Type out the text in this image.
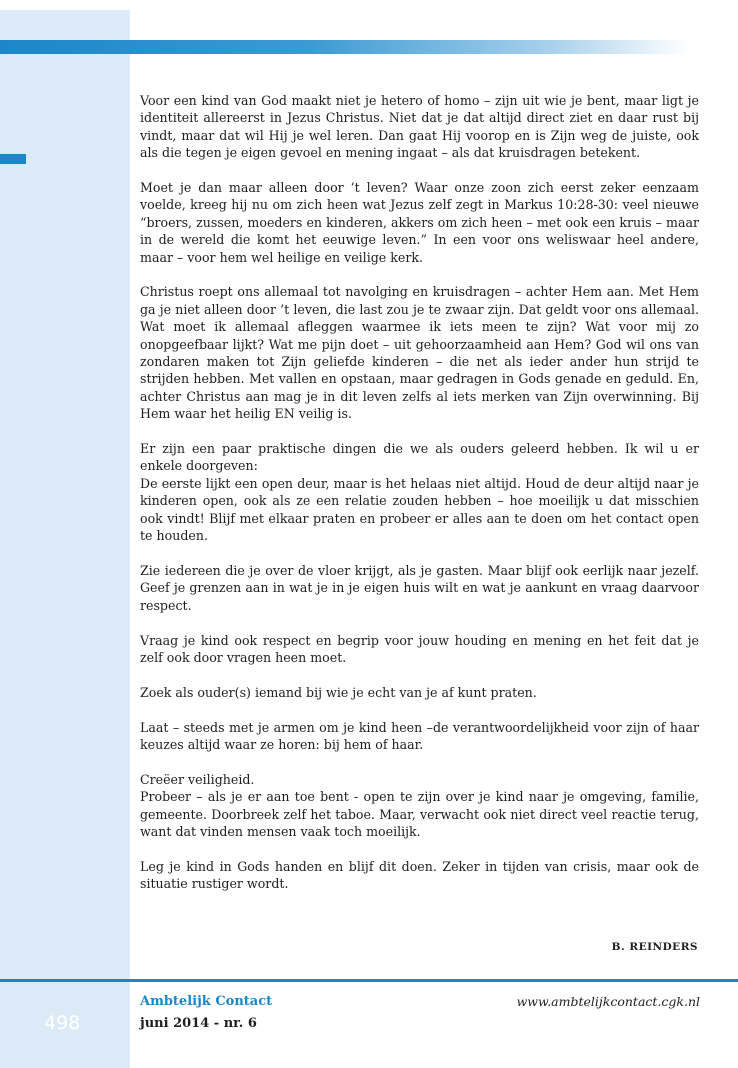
Voor een kind van God maakt niet je hetero of homo – zijn uit wie je bent, maar ligt je identiteit allereerst in Jezus Christus. Niet dat je dat altijd direct ziet en daar rust bij vindt, maar dat wil Hij je wel leren. Dan gaat Hij voorop en is Zijn weg de juiste, ook als die tegen je eigen gevoel en mening ingaat – als dat kruisdragen betekent.

Moet je dan maar alleen door ’t leven? Waar onze zoon zich eerst zeker eenzaam voelde, kreeg hij nu om zich heen wat Jezus zelf zegt in Markus 10:28-30: veel nieuwe “broers, zussen, moeders en kinderen, akkers om zich heen – met ook een kruis – maar in de wereld die komt het eeuwige leven.” In een voor ons weliswaar heel andere, maar – voor hem wel heilige en veilige kerk.

Christus roept ons allemaal tot navolging en kruisdragen – achter Hem aan. Met Hem ga je niet alleen door ’t leven, die last zou je te zwaar zijn. Dat geldt voor ons allemaal. Wat moet ik allemaal afleggen waarmee ik iets meen te zijn? Wat voor mij zo onopgeefbaar lijkt? Wat me pijn doet – uit gehoorzaamheid aan Hem? God wil ons van zondaren maken tot Zijn geliefde kinderen – die net als ieder ander hun strijd te strijden hebben. Met vallen en opstaan, maar gedragen in Gods genade en geduld. En, achter Christus aan mag je in dit leven zelfs al iets merken van Zijn overwinning. Bij Hem waar het heilig EN veilig is.

Er zijn een paar praktische dingen die we als ouders geleerd hebben. Ik wil u er enkele doorgeven:
De eerste lijkt een open deur, maar is het helaas niet altijd. Houd de deur altijd naar je kinderen open, ook als ze een relatie zouden hebben – hoe moeilijk u dat misschien ook vindt! Blijf met elkaar praten en probeer er alles aan te doen om het contact open te houden.

Zie iedereen die je over de vloer krijgt, als je gasten. Maar blijf ook eerlijk naar jezelf. Geef je grenzen aan in wat je in je eigen huis wilt en wat je aankunt en vraag daarvoor respect.

Vraag je kind ook respect en begrip voor jouw houding en mening en het feit dat je zelf ook door vragen heen moet.

Zoek als ouder(s) iemand bij wie je echt van je af kunt praten.

Laat – steeds met je armen om je kind heen –de verantwoordelijkheid voor zijn of haar keuzes altijd waar ze horen: bij hem of haar.

Creëer veiligheid.
Probeer – als je er aan toe bent - open te zijn over je kind naar je omgeving, familie, gemeente. Doorbreek zelf het taboe. Maar, verwacht ook niet direct veel reactie terug, want dat vinden mensen vaak toch moeilijk.

Leg je kind in Gods handen en blijf dit doen. Zeker in tijden van crisis, maar ook de situatie rustiger wordt.

B. REINDERS
498
Ambtelijk Contact
juni 2014 - nr. 6
www.ambtelijkcontact.cgk.nl
